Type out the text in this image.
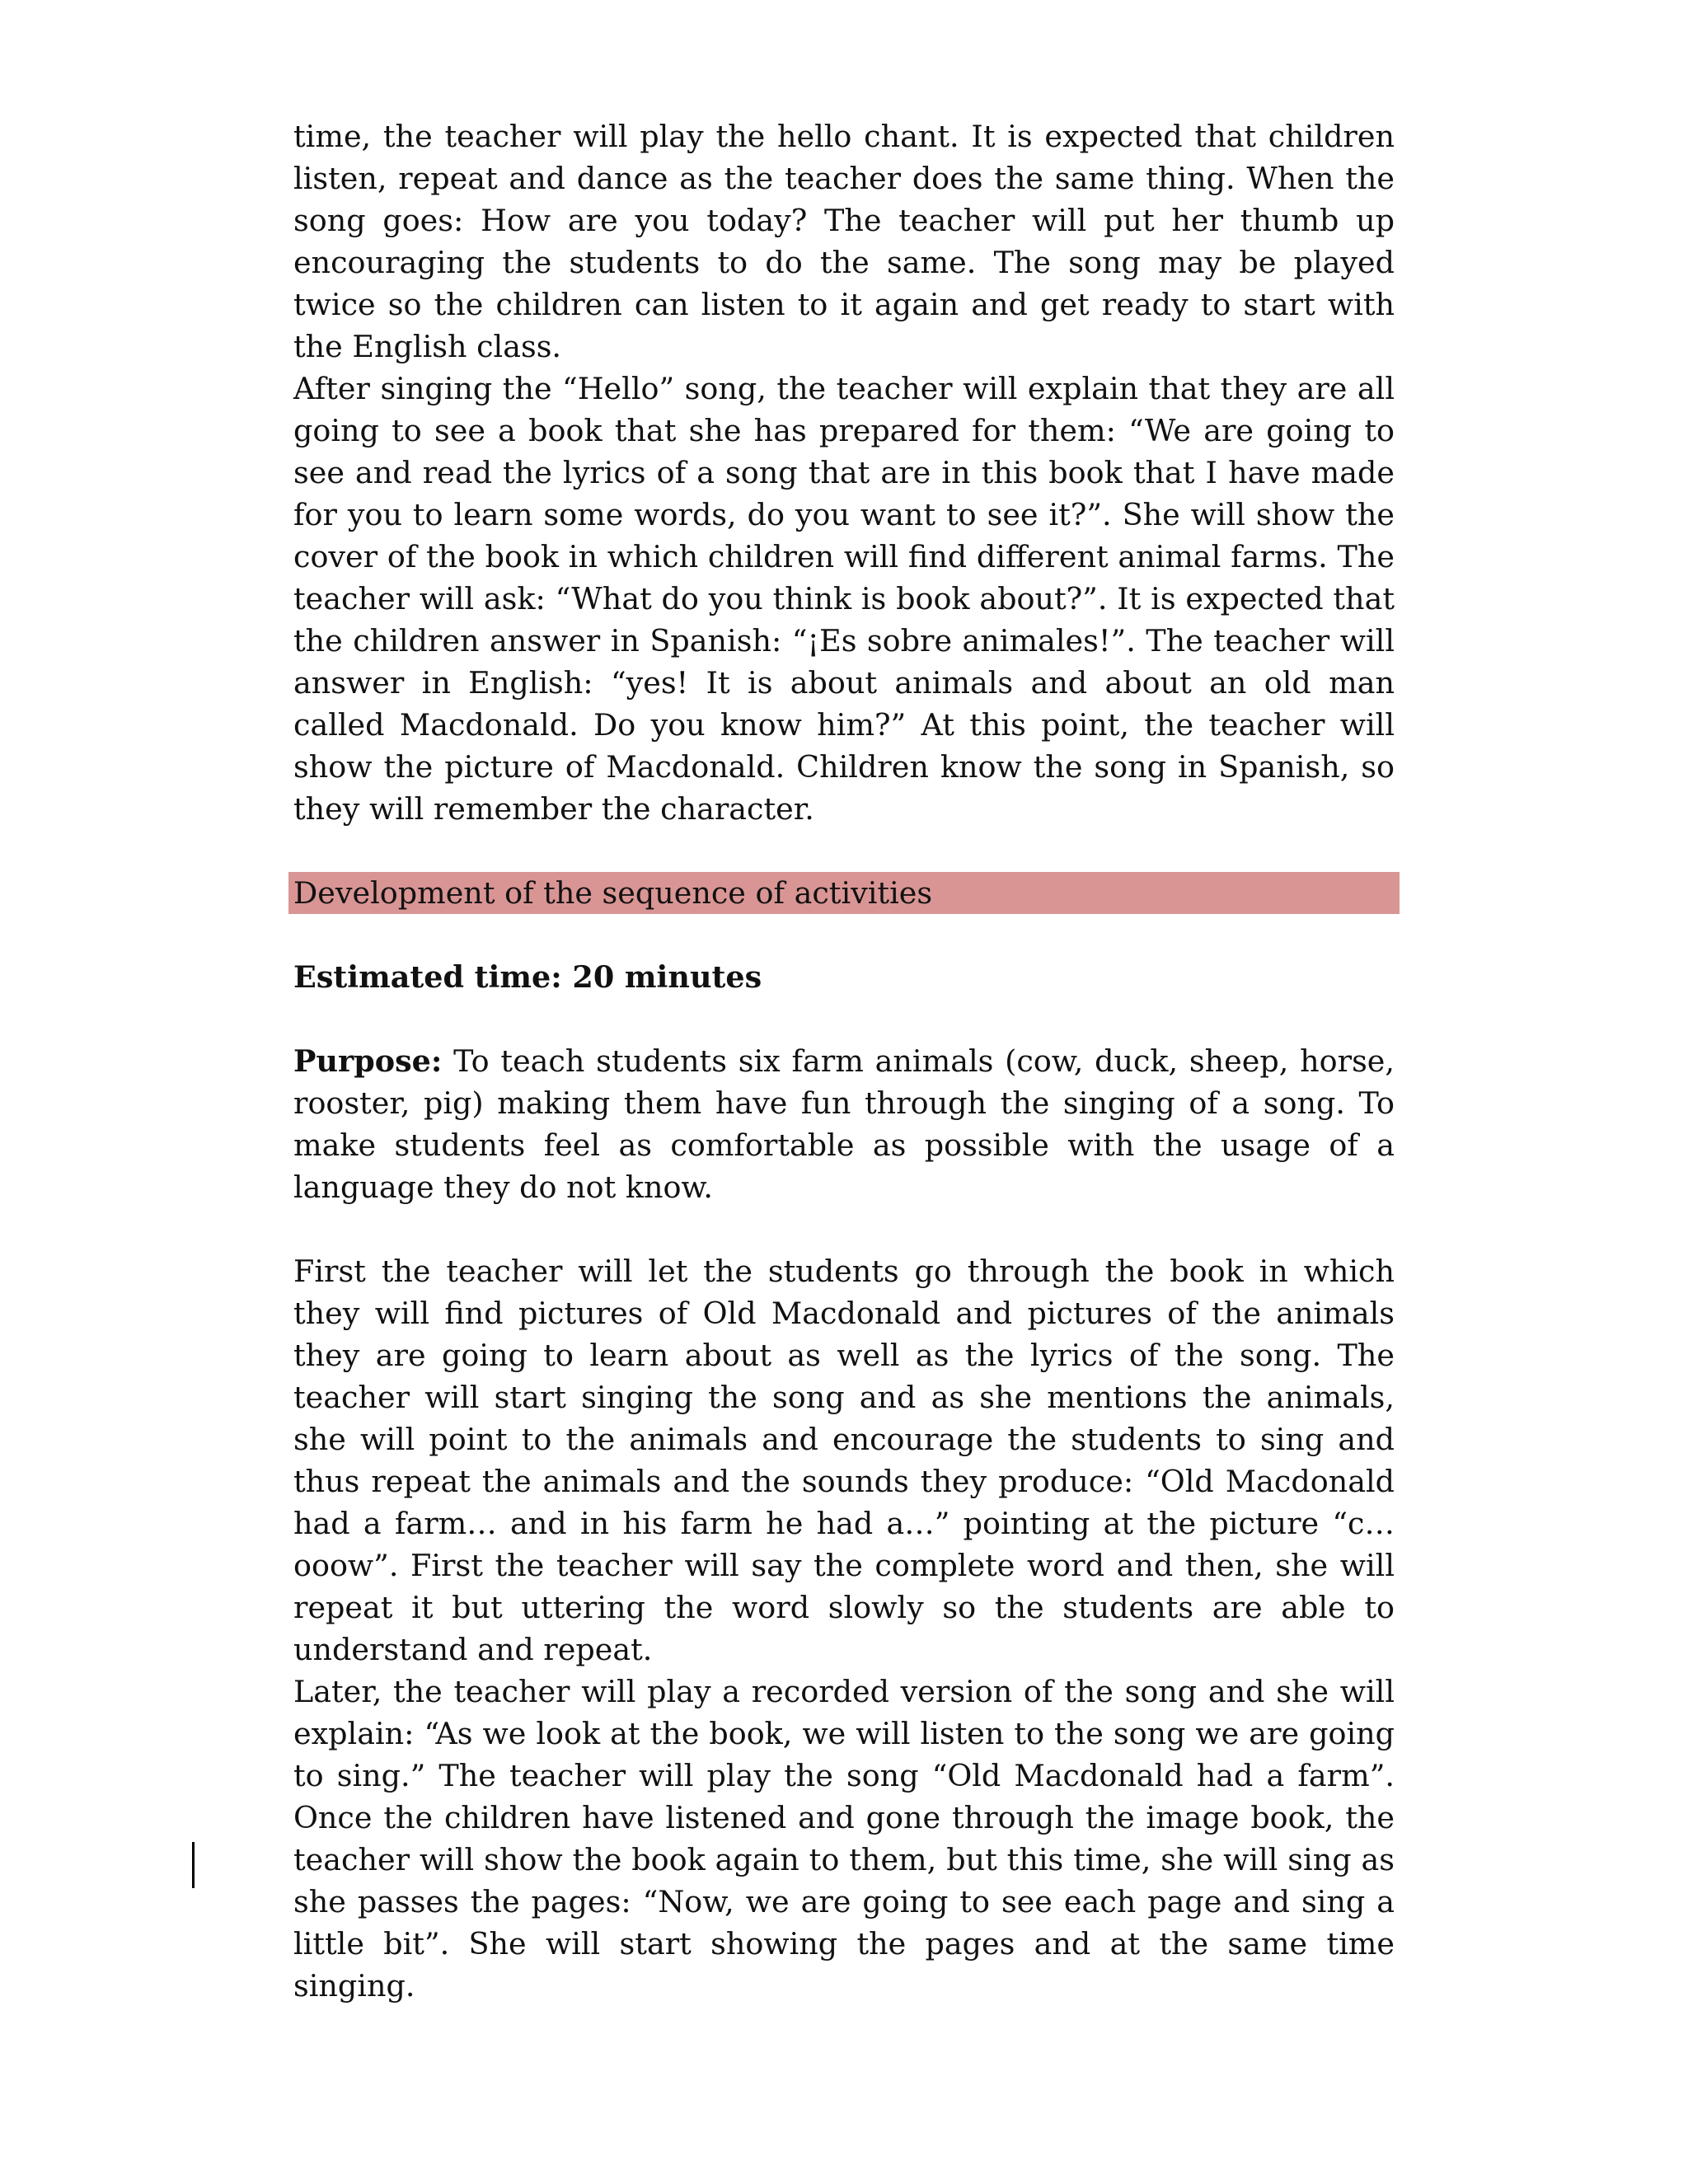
time, the teacher will play the hello chant. It is expected that children listen, repeat and dance as the teacher does the same thing. When the song goes: How are you today? The teacher will put her thumb up encouraging the students to do the same. The song may be played twice so the children can listen to it again and get ready to start with the English class.

After singing the “Hello” song, the teacher will explain that they are all going to see a book that she has prepared for them: “We are going to see and read the lyrics of a song that are in this book that I have made for you to learn some words, do you want to see it?”. She will show the cover of the book in which children will find different animal farms. The teacher will ask: “What do you think is book about?”. It is expected that the children answer in Spanish: “¡Es sobre animales!”. The teacher will answer in English: “yes! It is about animals and about an old man called Macdonald. Do you know him?” At this point, the teacher will show the picture of Macdonald. Children know the song in Spanish, so they will remember the character.

Development of the sequence of activities

Estimated time: 20 minutes

Purpose: To teach students six farm animals (cow, duck, sheep, horse, rooster, pig) making them have fun through the singing of a song. To make students feel as comfortable as possible with the usage of a language they do not know.

First the teacher will let the students go through the book in which they will find pictures of Old Macdonald and pictures of the animals they are going to learn about as well as the lyrics of the song. The teacher will start singing the song and as she mentions the animals, she will point to the animals and encourage the students to sing and thus repeat the animals and the sounds they produce: “Old Macdonald had a farm… and in his farm he had a…” pointing at the picture “c… ooow”. First the teacher will say the complete word and then, she will repeat it but uttering the word slowly so the students are able to understand and repeat.

Later, the teacher will play a recorded version of the song and she will explain: “As we look at the book, we will listen to the song we are going to sing.” The teacher will play the song “Old Macdonald had a farm”. Once the children have listened and gone through the image book, the teacher will show the book again to them, but this time, she will sing as she passes the pages: “Now, we are going to see each page and sing a little bit”. She will start showing the pages and at the same time singing.
